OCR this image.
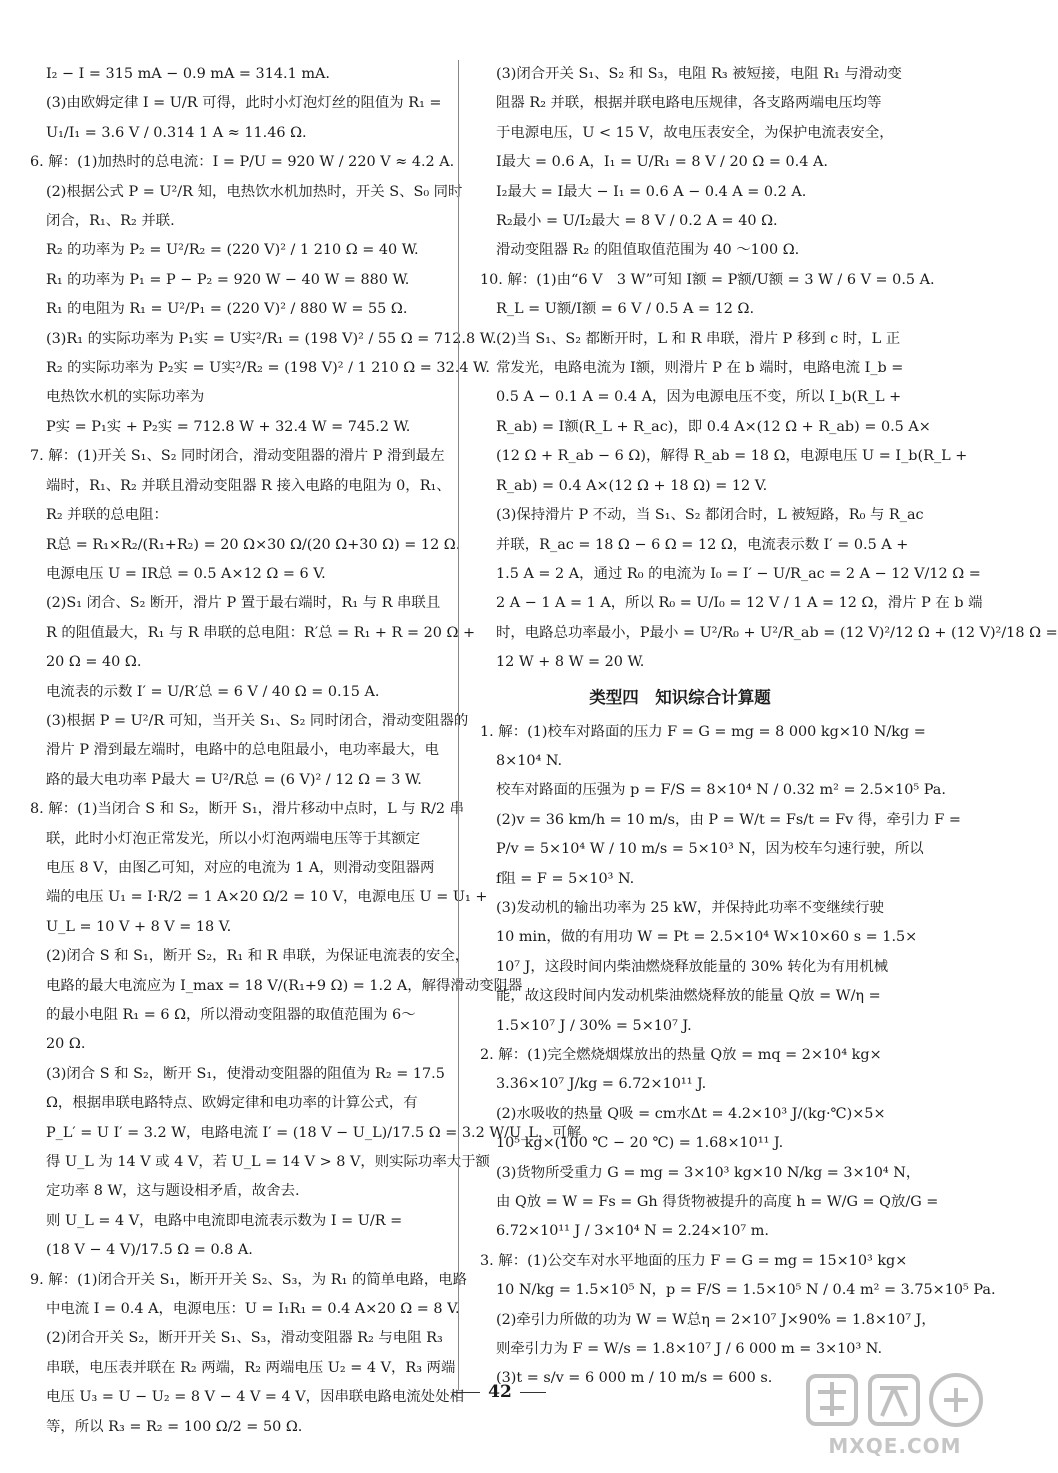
I₂ − I = 315 mA − 0.9 mA = 314.1 mA.

(3)由欧姆定律 I = U/R 可得，此时小灯泡灯丝的阻值为 R₁ =

U₁/I₁ = 3.6 V / 0.314 1 A ≈ 11.46 Ω.

6. 解：(1)加热时的总电流：I = P/U = 920 W / 220 V ≈ 4.2 A.

(2)根据公式 P = U²/R 知，电热饮水机加热时，开关 S、S₀ 同时

闭合，R₁、R₂ 并联.

R₂ 的功率为 P₂ = U²/R₂ = (220 V)² / 1 210 Ω = 40 W.

R₁ 的功率为 P₁ = P − P₂ = 920 W − 40 W = 880 W.

R₁ 的电阻为 R₁ = U²/P₁ = (220 V)² / 880 W = 55 Ω.

(3)R₁ 的实际功率为 P₁实 = U实²/R₁ = (198 V)² / 55 Ω = 712.8 W.

R₂ 的实际功率为 P₂实 = U实²/R₂ = (198 V)² / 1 210 Ω = 32.4 W.

电热饮水机的实际功率为

P实 = P₁实 + P₂实 = 712.8 W + 32.4 W = 745.2 W.

7. 解：(1)开关 S₁、S₂ 同时闭合，滑动变阻器的滑片 P 滑到最左

端时，R₁、R₂ 并联且滑动变阻器 R 接入电路的电阻为 0，R₁、

R₂ 并联的总电阻：

R总 = R₁×R₂/(R₁+R₂) = 20 Ω×30 Ω/(20 Ω+30 Ω) = 12 Ω.

电源电压 U = IR总 = 0.5 A×12 Ω = 6 V.

(2)S₁ 闭合、S₂ 断开，滑片 P 置于最右端时，R₁ 与 R 串联且

R 的阻值最大，R₁ 与 R 串联的总电阻：R′总 = R₁ + R = 20 Ω +

20 Ω = 40 Ω.

电流表的示数 I′ = U/R′总 = 6 V / 40 Ω = 0.15 A.

(3)根据 P = U²/R 可知，当开关 S₁、S₂ 同时闭合，滑动变阻器的

滑片 P 滑到最左端时，电路中的总电阻最小，电功率最大，电

路的最大电功率 P最大 = U²/R总 = (6 V)² / 12 Ω = 3 W.

8. 解：(1)当闭合 S 和 S₂，断开 S₁，滑片移动中点时，L 与 R/2 串

联，此时小灯泡正常发光，所以小灯泡两端电压等于其额定

电压 8 V，由图乙可知，对应的电流为 1 A，则滑动变阻器两

端的电压 U₁ = I·R/2 = 1 A×20 Ω/2 = 10 V，电源电压 U = U₁ +

U_L = 10 V + 8 V = 18 V.

(2)闭合 S 和 S₁，断开 S₂，R₁ 和 R 串联，为保证电流表的安全，

电路的最大电流应为 I_max = 18 V/(R₁+9 Ω) = 1.2 A，解得滑动变阻器

的最小电阻 R₁ = 6 Ω，所以滑动变阻器的取值范围为 6～

20 Ω.

(3)闭合 S 和 S₂，断开 S₁，使滑动变阻器的阻值为 R₂ = 17.5

Ω，根据串联电路特点、欧姆定律和电功率的计算公式，有

P_L′ = U I′ = 3.2 W，电路电流 I′ = (18 V − U_L)/17.5 Ω = 3.2 W/U_L，可解

得 U_L 为 14 V 或 4 V，若 U_L = 14 V > 8 V，则实际功率大于额

定功率 8 W，这与题设相矛盾，故舍去.

则 U_L = 4 V，电路中电流即电流表示数为 I = U/R =

(18 V − 4 V)/17.5 Ω = 0.8 A.

9. 解：(1)闭合开关 S₁，断开开关 S₂、S₃，为 R₁ 的简单电路，电路

中电流 I = 0.4 A，电源电压：U = I₁R₁ = 0.4 A×20 Ω = 8 V.

(2)闭合开关 S₂，断开开关 S₁、S₃，滑动变阻器 R₂ 与电阻 R₃

串联，电压表并联在 R₂ 两端，R₂ 两端电压 U₂ = 4 V，R₃ 两端

电压 U₃ = U − U₂ = 8 V − 4 V = 4 V，因串联电路电流处处相

等，所以 R₃ = R₂ = 100 Ω/2 = 50 Ω.

(3)闭合开关 S₁、S₂ 和 S₃，电阻 R₃ 被短接，电阻 R₁ 与滑动变

阻器 R₂ 并联，根据并联电路电压规律，各支路两端电压均等

于电源电压，U < 15 V，故电压表安全，为保护电流表安全，

I最大 = 0.6 A，I₁ = U/R₁ = 8 V / 20 Ω = 0.4 A.

I₂最大 = I最大 − I₁ = 0.6 A − 0.4 A = 0.2 A.

R₂最小 = U/I₂最大 = 8 V / 0.2 A = 40 Ω.

滑动变阻器 R₂ 的阻值取值范围为 40 ～100 Ω.

10. 解：(1)由“6 V　3 W”可知 I额 = P额/U额 = 3 W / 6 V = 0.5 A.

R_L = U额/I额 = 6 V / 0.5 A = 12 Ω.

(2)当 S₁、S₂ 都断开时，L 和 R 串联，滑片 P 移到 c 时，L 正

常发光，电路电流为 I额，则滑片 P 在 b 端时，电路电流 I_b =

0.5 A − 0.1 A = 0.4 A，因为电源电压不变，所以 I_b(R_L +

R_ab) = I额(R_L + R_ac)，即 0.4 A×(12 Ω + R_ab) = 0.5 A×

(12 Ω + R_ab − 6 Ω)，解得 R_ab = 18 Ω，电源电压 U = I_b(R_L +

R_ab) = 0.4 A×(12 Ω + 18 Ω) = 12 V.

(3)保持滑片 P 不动，当 S₁、S₂ 都闭合时，L 被短路，R₀ 与 R_ac

并联，R_ac = 18 Ω − 6 Ω = 12 Ω，电流表示数 I′ = 0.5 A +

1.5 A = 2 A，通过 R₀ 的电流为 I₀ = I′ − U/R_ac = 2 A − 12 V/12 Ω =

2 A − 1 A = 1 A，所以 R₀ = U/I₀ = 12 V / 1 A = 12 Ω，滑片 P 在 b 端

时，电路总功率最小，P最小 = U²/R₀ + U²/R_ab = (12 V)²/12 Ω + (12 V)²/18 Ω =

12 W + 8 W = 20 W.

类型四　知识综合计算题

1. 解：(1)校车对路面的压力 F = G = mg = 8 000 kg×10 N/kg =

8×10⁴ N.

校车对路面的压强为 p = F/S = 8×10⁴ N / 0.32 m² = 2.5×10⁵ Pa.

(2)v = 36 km/h = 10 m/s，由 P = W/t = Fs/t = Fv 得，牵引力 F =

P/v = 5×10⁴ W / 10 m/s = 5×10³ N，因为校车匀速行驶，所以

f阻 = F = 5×10³ N.

(3)发动机的输出功率为 25 kW，并保持此功率不变继续行驶

10 min，做的有用功 W = Pt = 2.5×10⁴ W×10×60 s = 1.5×

10⁷ J，这段时间内柴油燃烧释放能量的 30% 转化为有用机械

能，故这段时间内发动机柴油燃烧释放的能量 Q放 = W/η =

1.5×10⁷ J / 30% = 5×10⁷ J.

2. 解：(1)完全燃烧烟煤放出的热量 Q放 = mq = 2×10⁴ kg×

3.36×10⁷ J/kg = 6.72×10¹¹ J.

(2)水吸收的热量 Q吸 = cm水Δt = 4.2×10³ J/(kg·℃)×5×

10⁵ kg×(100 ℃ − 20 ℃) = 1.68×10¹¹ J.

(3)货物所受重力 G = mg = 3×10³ kg×10 N/kg = 3×10⁴ N，

由 Q放 = W = Fs = Gh 得货物被提升的高度 h = W/G = Q放/G =

6.72×10¹¹ J / 3×10⁴ N = 2.24×10⁷ m.

3. 解：(1)公交车对水平地面的压力 F = G = mg = 15×10³ kg×

10 N/kg = 1.5×10⁵ N，p = F/S = 1.5×10⁵ N / 0.4 m² = 3.75×10⁵ Pa.

(2)牵引力所做的功为 W = W总η = 2×10⁷ J×90% = 1.8×10⁷ J，

则牵引力为 F = W/s = 1.8×10⁷ J / 6 000 m = 3×10³ N.

(3)t = s/v = 6 000 m / 10 m/s = 600 s.

42
MXQE.COM
